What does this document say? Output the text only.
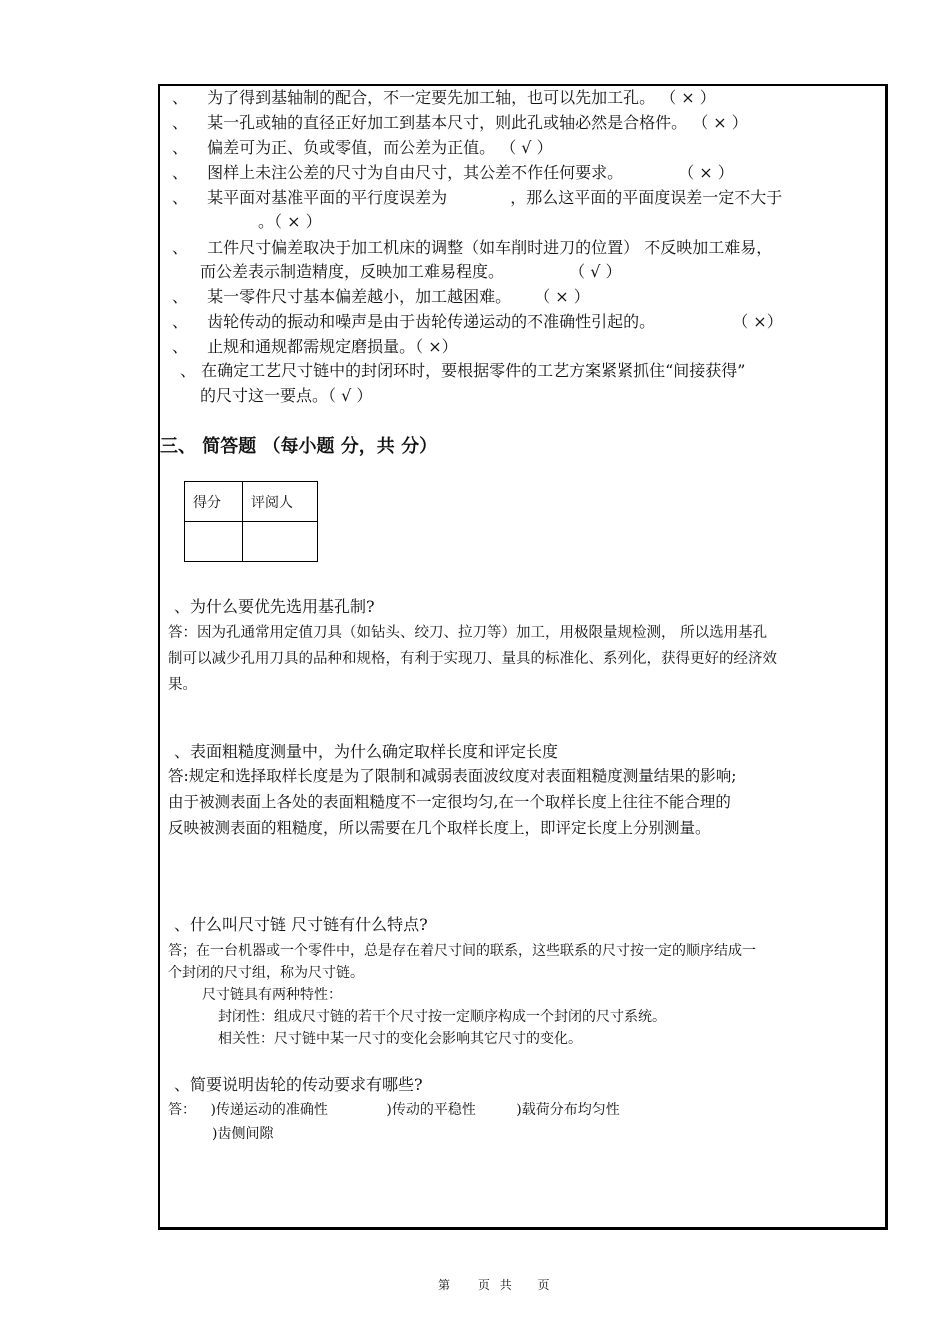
、 为了得到基轴制的配合，不一定要先加工轴，也可以先加工孔。 （ × ）
、 某一孔或轴的直径正好加工到基本尺寸，则此孔或轴必然是合格件。 （ × ）
、 偏差可为正、负或零值，而公差为正值。 （ √ ）
、 图样上未注公差的尺寸为自由尺寸，其公差不作任何要求。	（ × ）
、 某平面对基准平面的平行度误差为	，那么这平面的平面度误差一定不大于
。（ × ）
、 工件尺寸偏差取决于加工机床的调整（如车削时进刀的位置） 不反映加工难易，
而公差表示制造精度，反映加工难易程度。	（ √ ）
、 某一零件尺寸基本偏差越小，加工越困难。 （ × ）
、 齿轮传动的振动和噪声是由于齿轮传递运动的不准确性引起的。	（ ×）
、 止规和通规都需规定磨损量。（ ×）
、 在确定工艺尺寸链中的封闭环时，要根据零件的工艺方案紧紧抓住“间接获得”
的尺寸这一要点。（ √ ）
三、 简答题 （每小题 分，共 分）
得分	评阅人

、为什么要优先选用基孔制?
答：因为孔通常用定值刀具（如钻头、绞刀、拉刀等）加工，用极限量规检测， 所以选用基孔
制可以减少孔用刀具的品种和规格，有利于实现刀、量具的标准化、系列化，获得更好的经济效
果。
、表面粗糙度测量中，为什么确定取样长度和评定长度
答:规定和选择取样长度是为了限制和减弱表面波纹度对表面粗糙度测量结果的影响;
由于被测表面上各处的表面粗糙度不一定很均匀,在一个取样长度上往往不能合理的
反映被测表面的粗糙度，所以需要在几个取样长度上，即评定长度上分别测量。
、什么叫尺寸链 尺寸链有什么特点?
答；在一台机器或一个零件中，总是存在着尺寸间的联系，这些联系的尺寸按一定的顺序结成一
个封闭的尺寸组，称为尺寸链。
尺寸链具有两种特性：
封闭性：组成尺寸链的若干个尺寸按一定顺序构成一个封闭的尺寸系统。
相关性：尺寸链中某一尺寸的变化会影响其它尺寸的变化。
、简要说明齿轮的传动要求有哪些?
答： )传递运动的准确性	)传动的平稳性	)载荷分布均匀性
)齿侧间隙
第 页 共 页
